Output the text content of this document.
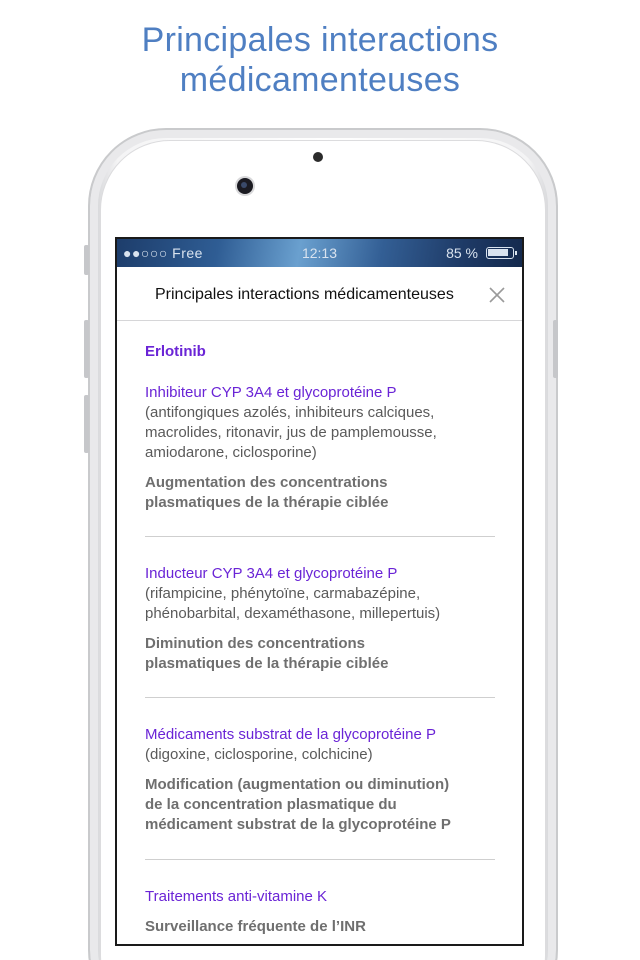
Principales interactions
médicamenteuses
●●○○○ Free	12:13	85 %
Principales interactions médicamenteuses
Erlotinib
Inhibiteur CYP 3A4 et glycoprotéine P
(antifongiques azolés, inhibiteurs calciques,
macrolides, ritonavir, jus de pamplemousse,
amiodarone, ciclosporine)
Augmentation des concentrations
plasmatiques de la thérapie ciblée
Inducteur CYP 3A4 et glycoprotéine P
(rifampicine, phénytoïne, carmabazépine,
phénobarbital, dexaméthasone, millepertuis)
Diminution des concentrations
plasmatiques de la thérapie ciblée
Médicaments substrat de la glycoprotéine P
(digoxine, ciclosporine, colchicine)
Modification (augmentation ou diminution)
de la concentration plasmatique du
médicament substrat de la glycoprotéine P
Traitements anti-vitamine K
Surveillance fréquente de l’INR
